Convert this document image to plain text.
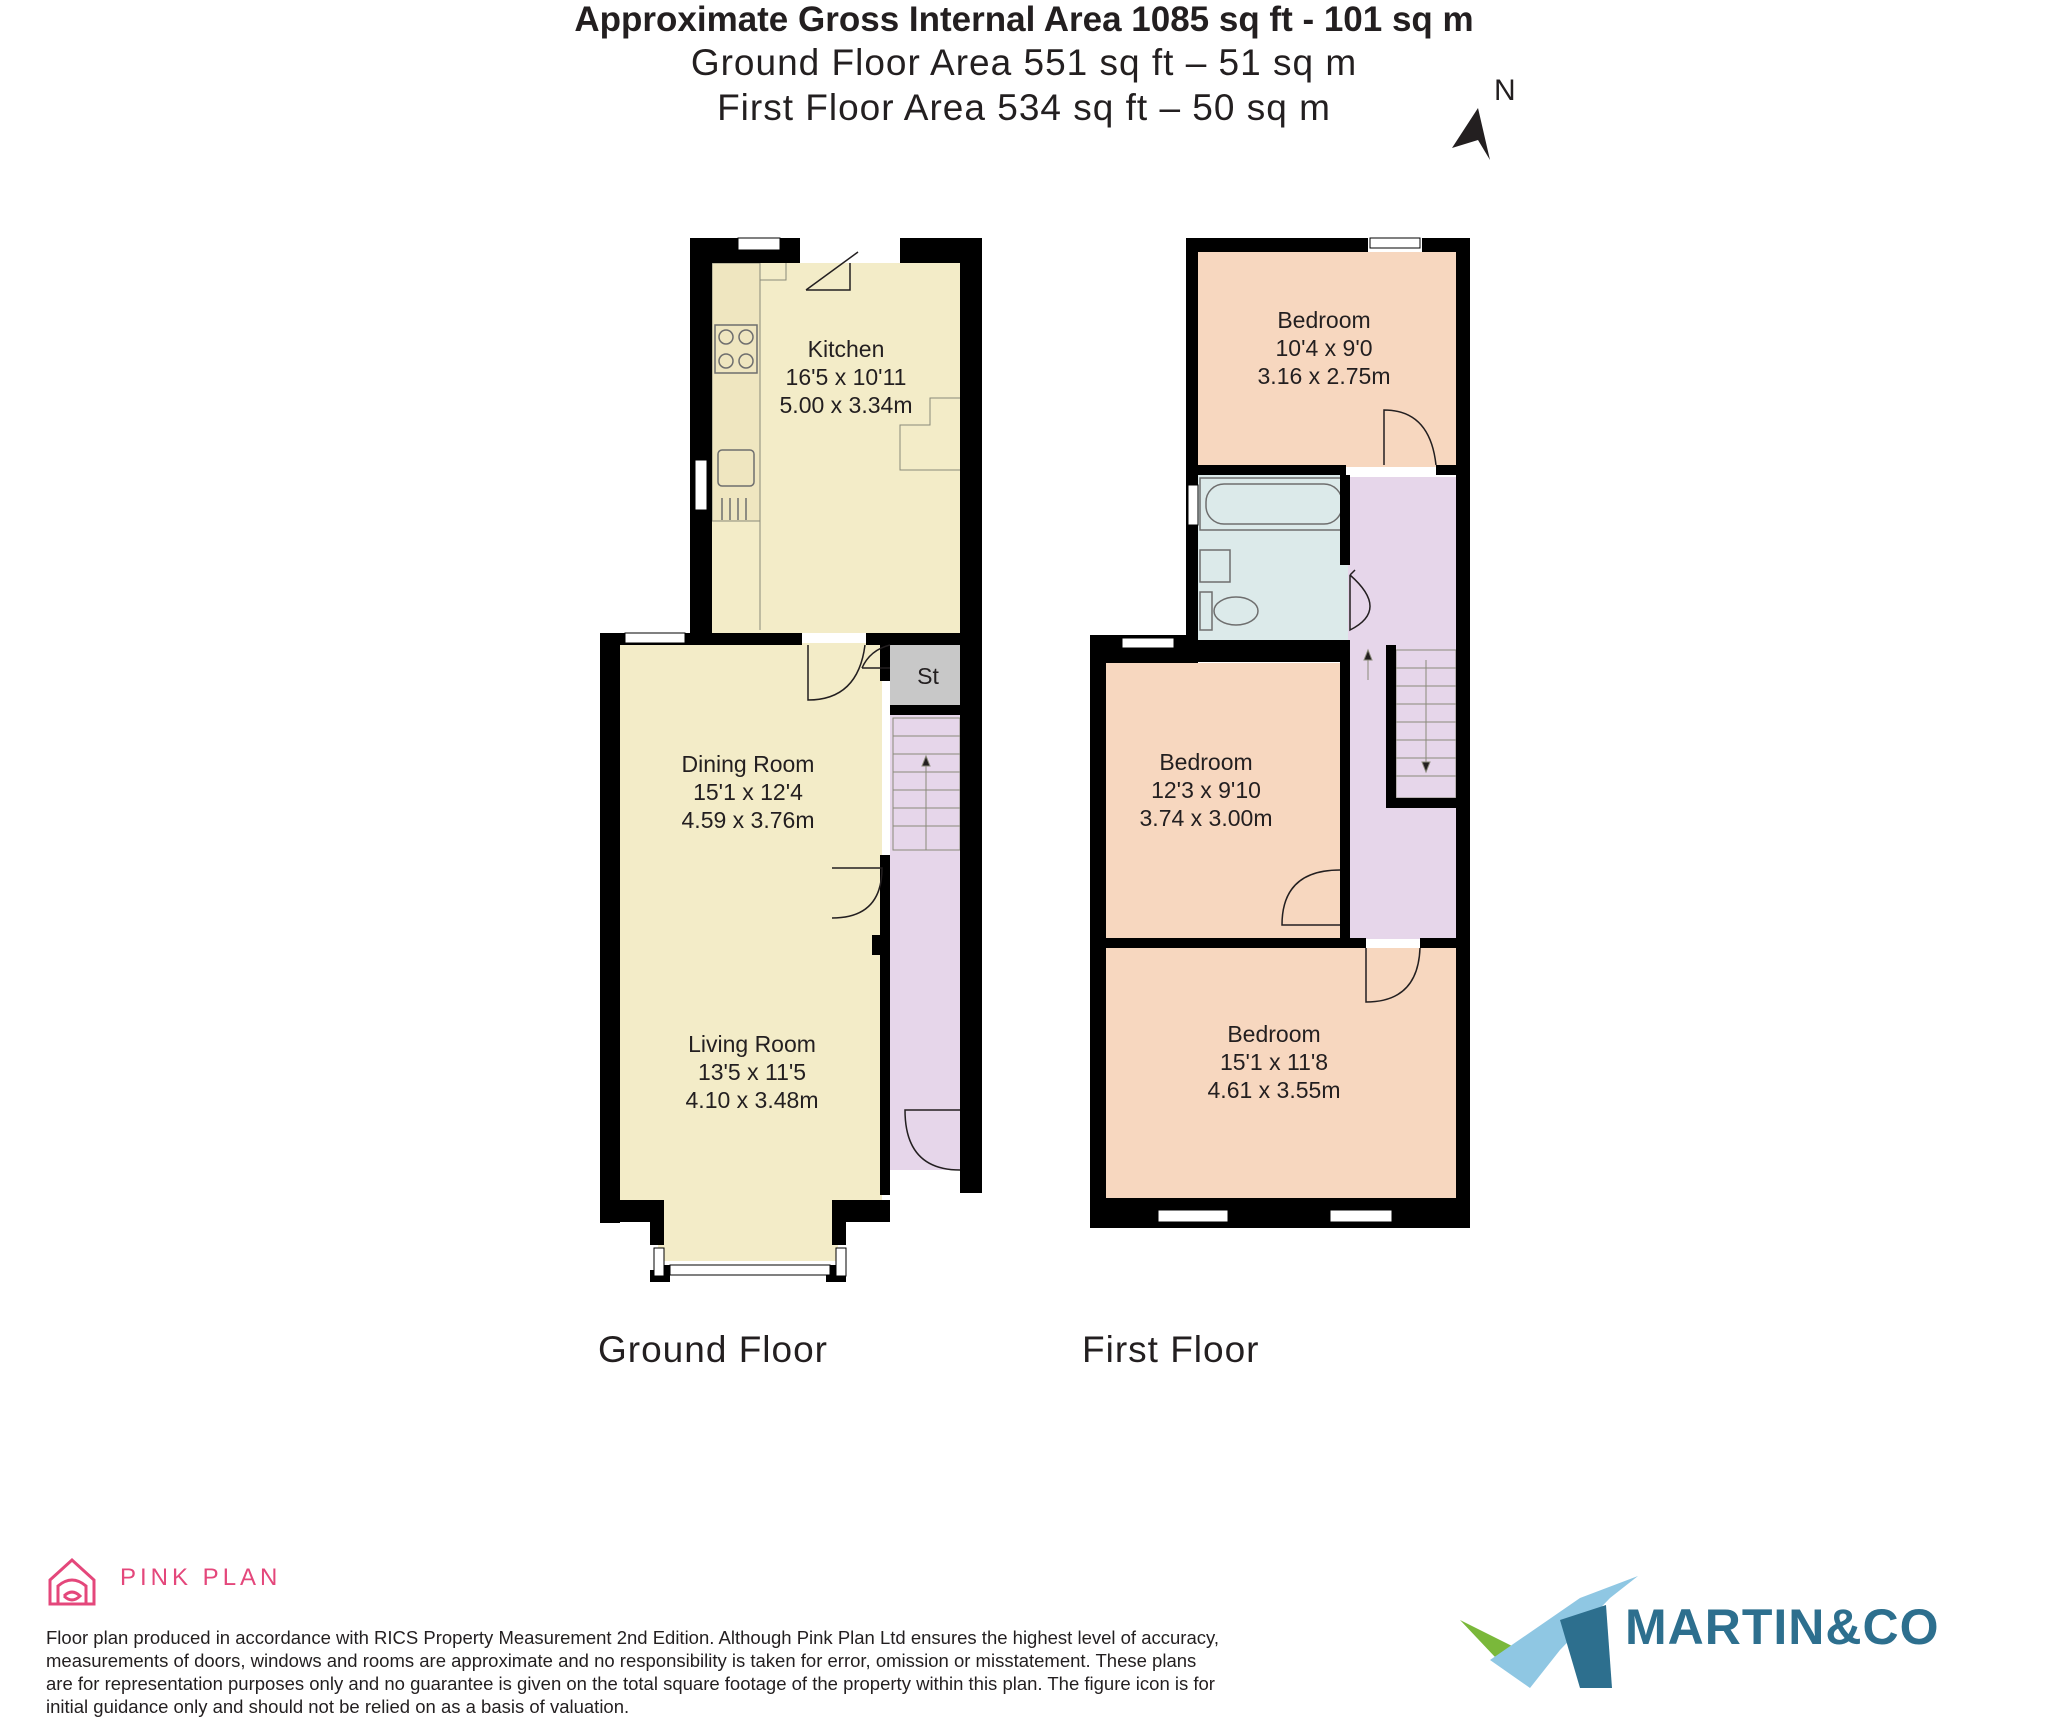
Approximate Gross Internal Area 1085 sq ft - 101 sq m
Ground Floor Area 551 sq ft – 51 sq m
First Floor Area 534 sq ft – 50 sq m	N
Kitchen
16'5 x 10'11
5.00 x 3.34m
Dining Room
15'1 x 12'4
4.59 x 3.76m
Living Room
13'5 x 11'5
4.10 x 3.48m
St
Ground Floor
Bedroom
10'4 x 9'0
3.16 x 2.75m
Bedroom
12'3 x 9'10
3.74 x 3.00m
Bedroom
15'1 x 11'8
4.61 x 3.55m
First Floor
PINK PLAN
Floor plan produced in accordance with RICS Property Measurement 2nd Edition. Although Pink Plan Ltd ensures the highest level of accuracy, measurements of doors, windows and rooms are approximate and no responsibility is taken for error, omission or misstatement. These plans are for representation purposes only and no guarantee is given on the total square footage of the property within this plan. The figure icon is for initial guidance only and should not be relied on as a basis of valuation.
MARTIN&CO
